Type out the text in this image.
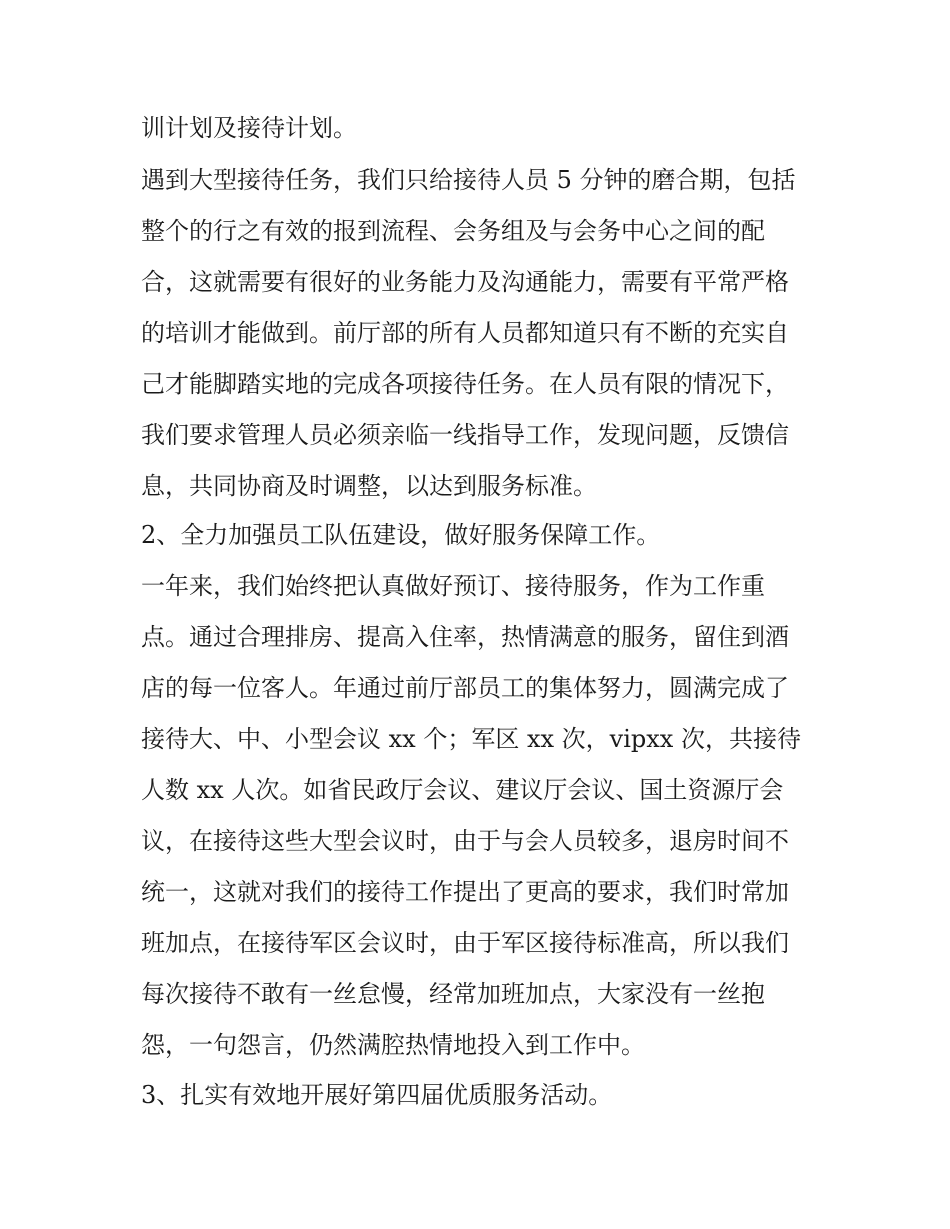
训计划及接待计划。
遇到大型接待任务，我们只给接待人员 5 分钟的磨合期，包括
整个的行之有效的报到流程、会务组及与会务中心之间的配
合，这就需要有很好的业务能力及沟通能力，需要有平常严格
的培训才能做到。前厅部的所有人员都知道只有不断的充实自
己才能脚踏实地的完成各项接待任务。在人员有限的情况下，
我们要求管理人员必须亲临一线指导工作，发现问题，反馈信
息，共同协商及时调整，以达到服务标准。
2、全力加强员工队伍建设，做好服务保障工作。
一年来，我们始终把认真做好预订、接待服务，作为工作重
点。通过合理排房、提高入住率，热情满意的服务，留住到酒
店的每一位客人。年通过前厅部员工的集体努力，圆满完成了
接待大、中、小型会议 xx 个；军区 xx 次，vipxx 次，共接待
人数 xx 人次。如省民政厅会议、建议厅会议、国土资源厅会
议，在接待这些大型会议时，由于与会人员较多，退房时间不
统一，这就对我们的接待工作提出了更高的要求，我们时常加
班加点，在接待军区会议时，由于军区接待标准高，所以我们
每次接待不敢有一丝怠慢，经常加班加点，大家没有一丝抱
怨，一句怨言，仍然满腔热情地投入到工作中。
3、扎实有效地开展好第四届优质服务活动。
